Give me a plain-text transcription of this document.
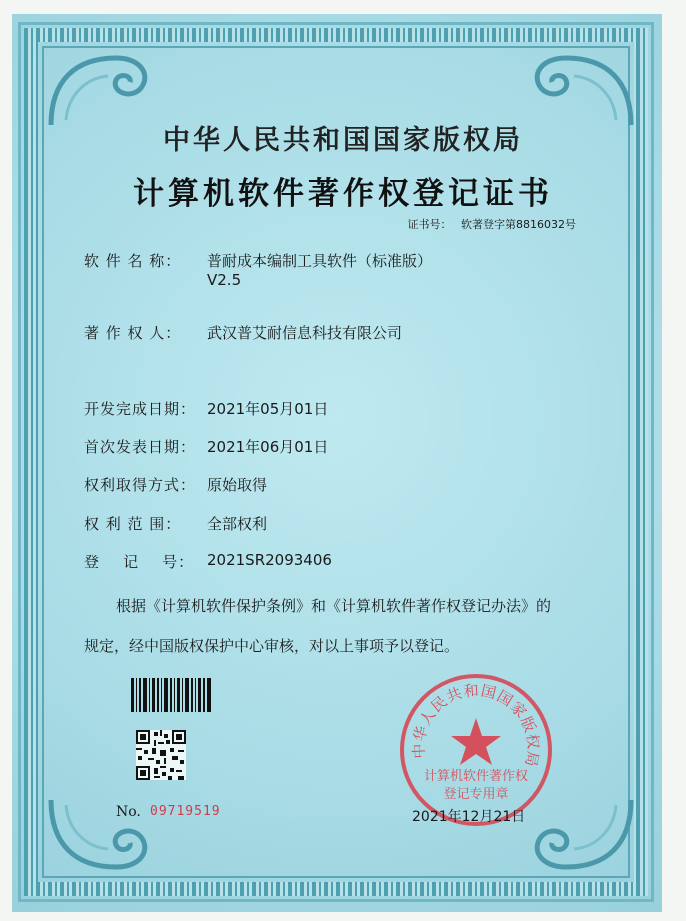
中华人民共和国国家版权局
计算机软件著作权登记证书
证书号： 软著登字第8816032号
软 件 名 称： 普耐成本编制工具软件（标准版）
V2.5
著 作 权 人： 武汉普艾耐信息科技有限公司
开发完成日期： 2021年05月01日
首次发表日期： 2021年06月01日
权利取得方式： 原始取得
权 利 范 围： 全部权利
登    记    号： 2021SR2093406
根据《计算机软件保护条例》和《计算机软件著作权登记办法》的
规定，经中国版权保护中心审核，对以上事项予以登记。
No. 09719519
中华人民共和国国家版权局
计算机软件著作权
登记专用章
2021年12月21日
